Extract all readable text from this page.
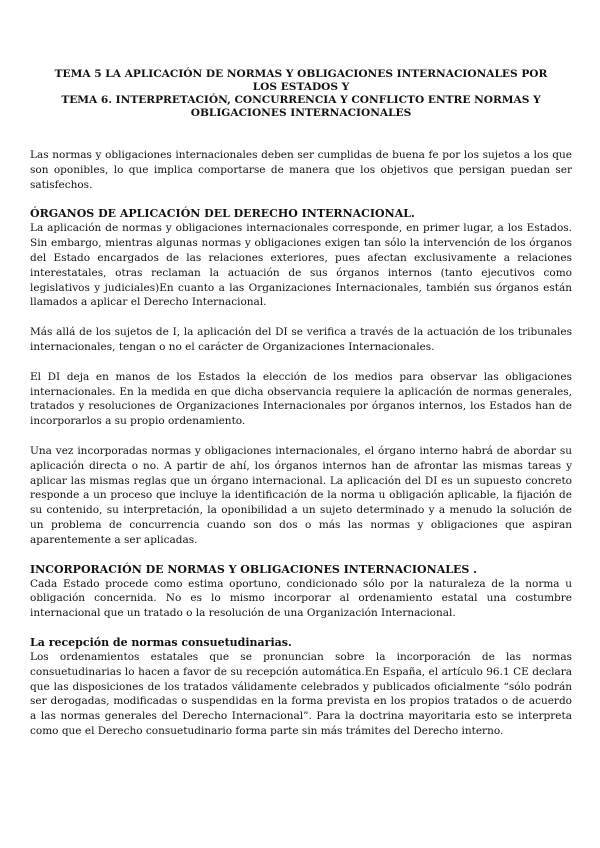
TEMA 5 LA APLICACIÓN DE NORMAS Y OBLIGACIONES INTERNACIONALES POR LOS ESTADOS Y
TEMA 6. INTERPRETACIÓN, CONCURRENCIA Y CONFLICTO ENTRE NORMAS Y OBLIGACIONES INTERNACIONALES

Las normas y obligaciones internacionales deben ser cumplidas de buena fe por los sujetos a los que son oponibles, lo que implica comportarse de manera que los objetivos que persigan puedan ser satisfechos.

ÓRGANOS DE APLICACIÓN DEL DERECHO INTERNACIONAL.

La aplicación de normas y obligaciones internacionales corresponde, en primer lugar, a los Estados. Sin embargo, mientras algunas normas y obligaciones exigen tan sólo la intervención de los órganos del Estado encargados de las relaciones exteriores, pues afectan exclusivamente a relaciones interestatales, otras reclaman la actuación de sus órganos internos (tanto ejecutivos como legislativos y judiciales)En cuanto a las Organizaciones Internacionales, también sus órganos están llamados a aplicar el Derecho Internacional.

Más allá de los sujetos de I, la aplicación del DI se verifica a través de la actuación de los tribunales internacionales, tengan o no el carácter de Organizaciones Internacionales.

El DI deja en manos de los Estados la elección de los medios para observar las obligaciones internacionales. En la medida en que dicha observancia requiere la aplicación de normas generales, tratados y resoluciones de Organizaciones Internacionales por órganos internos, los Estados han de incorporarlos a su propio ordenamiento.

Una vez incorporadas normas y obligaciones internacionales, el órgano interno habrá de abordar su aplicación directa o no. A partir de ahí, los órganos internos han de afrontar las mismas tareas y aplicar las mismas reglas que un órgano internacional. La aplicación del DI es un supuesto concreto responde a un proceso que incluye la identificación de la norma u obligación aplicable, la fijación de su contenido, su interpretación, la oponibilidad a un sujeto determinado y a menudo la solución de un problema de concurrencia cuando son dos o más las normas y obligaciones que aspiran aparentemente a ser aplicadas.

INCORPORACIÓN DE NORMAS Y OBLIGACIONES INTERNACIONALES .

Cada Estado procede como estima oportuno, condicionado sólo por la naturaleza de la norma u obligación concernida. No es lo mismo incorporar al ordenamiento estatal una costumbre internacional que un tratado o la resolución de una Organización Internacional.

La recepción de normas consuetudinarias.

Los ordenamientos estatales que se pronuncian sobre la incorporación de las normas consuetudinarias lo hacen a favor de su recepción automática.En España, el artículo 96.1 CE declara que las disposiciones de los tratados válidamente celebrados y publicados oficialmente “sólo podrán ser derogadas, modificadas o suspendidas en la forma prevista en los propios tratados o de acuerdo a las normas generales del Derecho Internacional”. Para la doctrina mayoritaria esto se interpreta como que el Derecho consuetudinario forma parte sin más trámites del Derecho interno.
